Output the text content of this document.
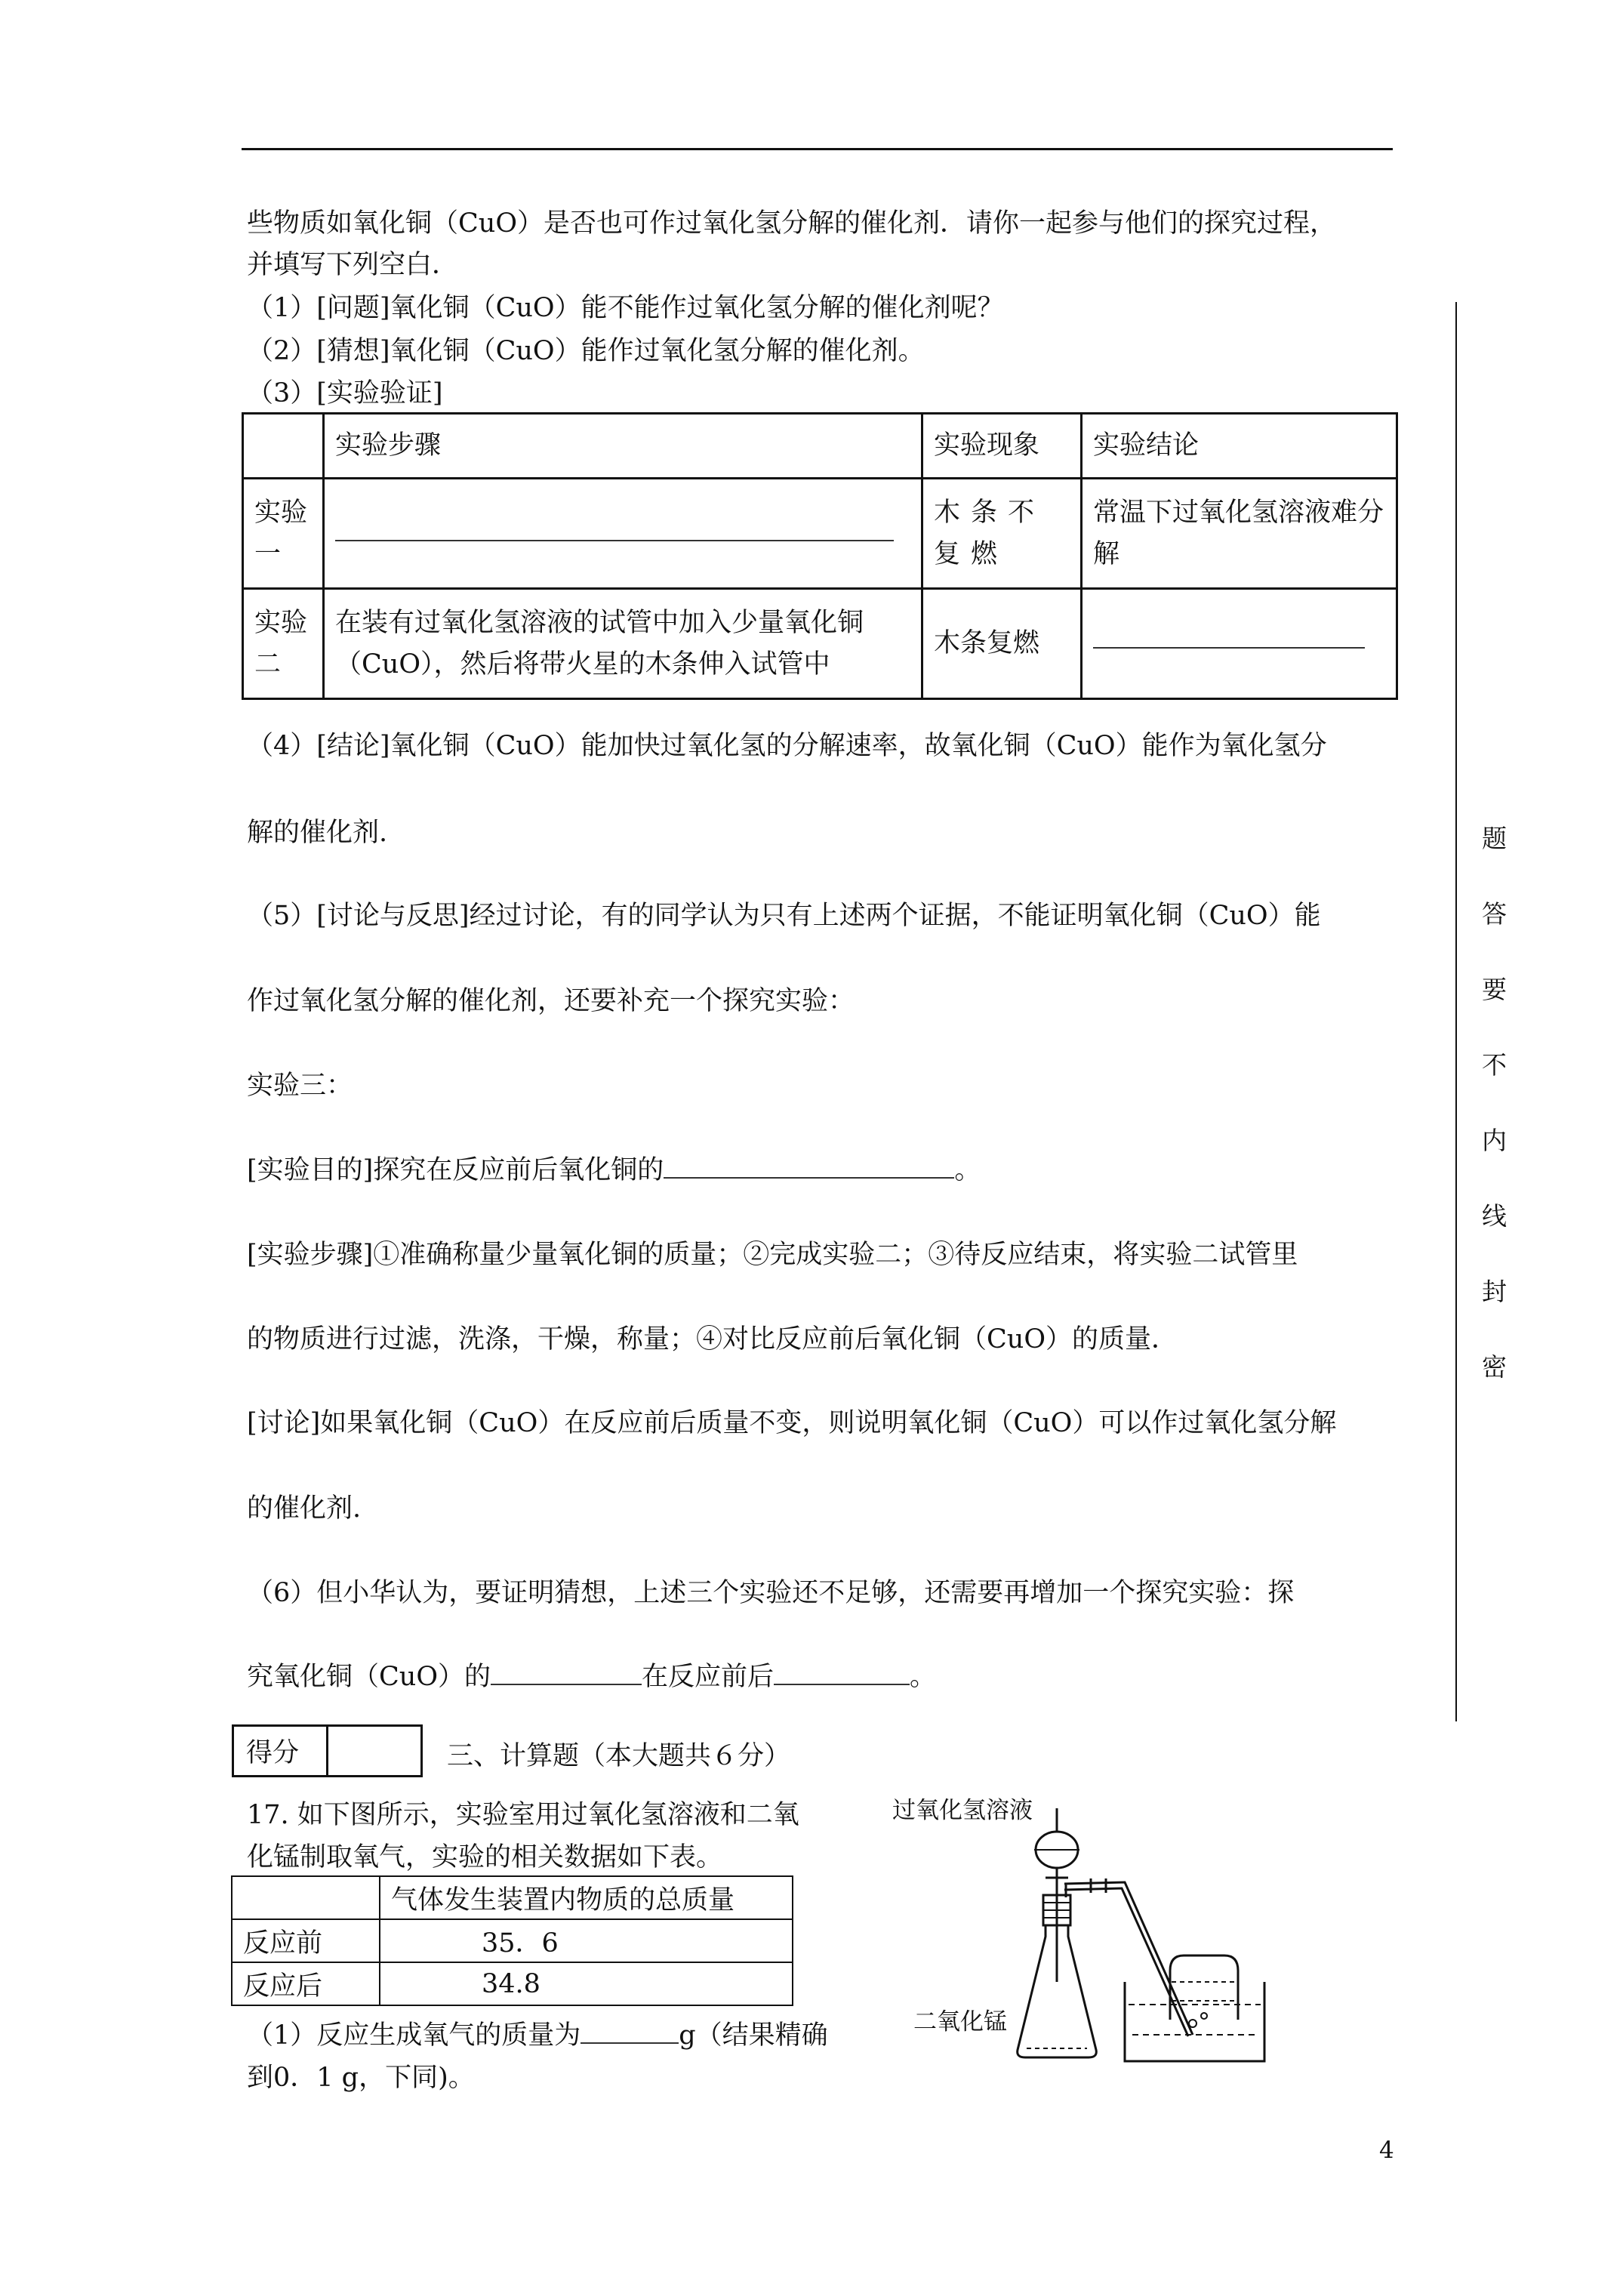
题
答
要
不
内
线
封
密
些物质如氧化铜（CuO）是否也可作过氧化氢分解的催化剂．请你一起参与他们的探究过程，
并填写下列空白．
（1）[问题]氧化铜（CuO）能不能作过氧化氢分解的催化剂呢？
（2）[猜想]氧化铜（CuO）能作过氧化氢分解的催化剂。
（3）[实验验证]
	实验步骤	实验现象	实验结论
实验一		木条不复燃	常温下过氧化氢溶液难分解
实验二	在装有过氧化氢溶液的试管中加入少量氧化铜（CuO），然后将带火星的木条伸入试管中	木条复燃	
（4）[结论]氧化铜（CuO）能加快过氧化氢的分解速率，故氧化铜（CuO）能作为氧化氢分
解的催化剂.
（5）[讨论与反思]经过讨论，有的同学认为只有上述两个证据，不能证明氧化铜（CuO）能
作过氧化氢分解的催化剂，还要补充一个探究实验：
实验三：
[实验目的]探究在反应前后氧化铜的	。
[实验步骤]①准确称量少量氧化铜的质量；②完成实验二；③待反应结束，将实验二试管里
的物质进行过滤，洗涤，干燥，称量；④对比反应前后氧化铜（CuO）的质量．
[讨论]如果氧化铜（CuO）在反应前后质量不变，则说明氧化铜（CuO）可以作过氧化氢分解
的催化剂.
（6）但小华认为，要证明猜想，上述三个实验还不足够，还需要再增加一个探究实验：探
究氧化铜（CuO）的	在反应前后	。
得分		三、计算题（本大题共６分）
17. 如下图所示，实验室用过氧化氢溶液和二氧
化锰制取氧气，实验的相关数据如下表。
	气体发生装置内物质的总质量
反应前	35．6
反应后	34.8
（1）反应生成氧气的质量为	g（结果精确
到0．1 g，下同)。
过氧化氢溶液
二氧化锰
4
